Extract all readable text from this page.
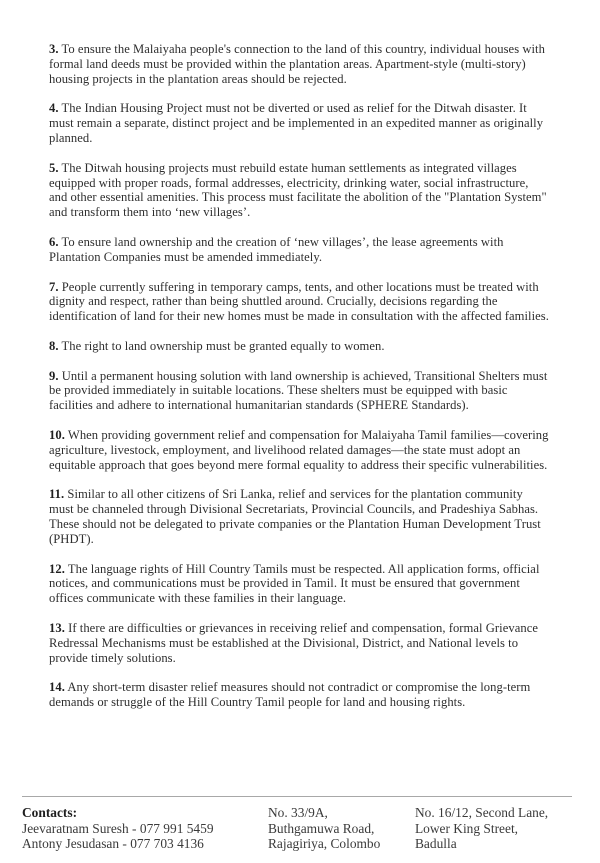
3. To ensure the Malaiyaha people's connection to the land of this country, individual houses with formal land deeds must be provided within the plantation areas. Apartment-style (multi-story) housing projects in the plantation areas should be rejected.
4. The Indian Housing Project must not be diverted or used as relief for the Ditwah disaster. It must remain a separate, distinct project and be implemented in an expedited manner as originally planned.
5. The Ditwah housing projects must rebuild estate human settlements as integrated villages equipped with proper roads, formal addresses, electricity, drinking water, social infrastructure, and other essential amenities. This process must facilitate the abolition of the "Plantation System" and transform them into ‘new villages’.
6. To ensure land ownership and the creation of ‘new villages’, the lease agreements with Plantation Companies must be amended immediately.
7. People currently suffering in temporary camps, tents, and other locations must be treated with dignity and respect, rather than being shuttled around. Crucially, decisions regarding the identification of land for their new homes must be made in consultation with the affected families.
8. The right to land ownership must be granted equally to women.
9. Until a permanent housing solution with land ownership is achieved, Transitional Shelters must be provided immediately in suitable locations. These shelters must be equipped with basic facilities and adhere to international humanitarian standards (SPHERE Standards).
10. When providing government relief and compensation for Malaiyaha Tamil families—covering agriculture, livestock, employment, and livelihood related damages—the state must adopt an equitable approach that goes beyond mere formal equality to address their specific vulnerabilities.
11. Similar to all other citizens of Sri Lanka, relief and services for the plantation community must be channeled through Divisional Secretariats, Provincial Councils, and Pradeshiya Sabhas. These should not be delegated to private companies or the Plantation Human Development Trust (PHDT).
12. The language rights of Hill Country Tamils must be respected. All application forms, official notices, and communications must be provided in Tamil. It must be ensured that government offices communicate with these families in their language.
13. If there are difficulties or grievances in receiving relief and compensation, formal Grievance Redressal Mechanisms must be established at the Divisional, District, and National levels to provide timely solutions.
14. Any short-term disaster relief measures should not contradict or compromise the long-term demands or struggle of the Hill Country Tamil people for land and housing rights.
Contacts:
Jeevaratnam Suresh - 077 991 5459
Antony Jesudasan - 077 703 4136
No. 33/9A,
Buthgamuwa Road,
Rajagiriya, Colombo
No. 16/12, Second Lane,
Lower King Street,
Badulla
